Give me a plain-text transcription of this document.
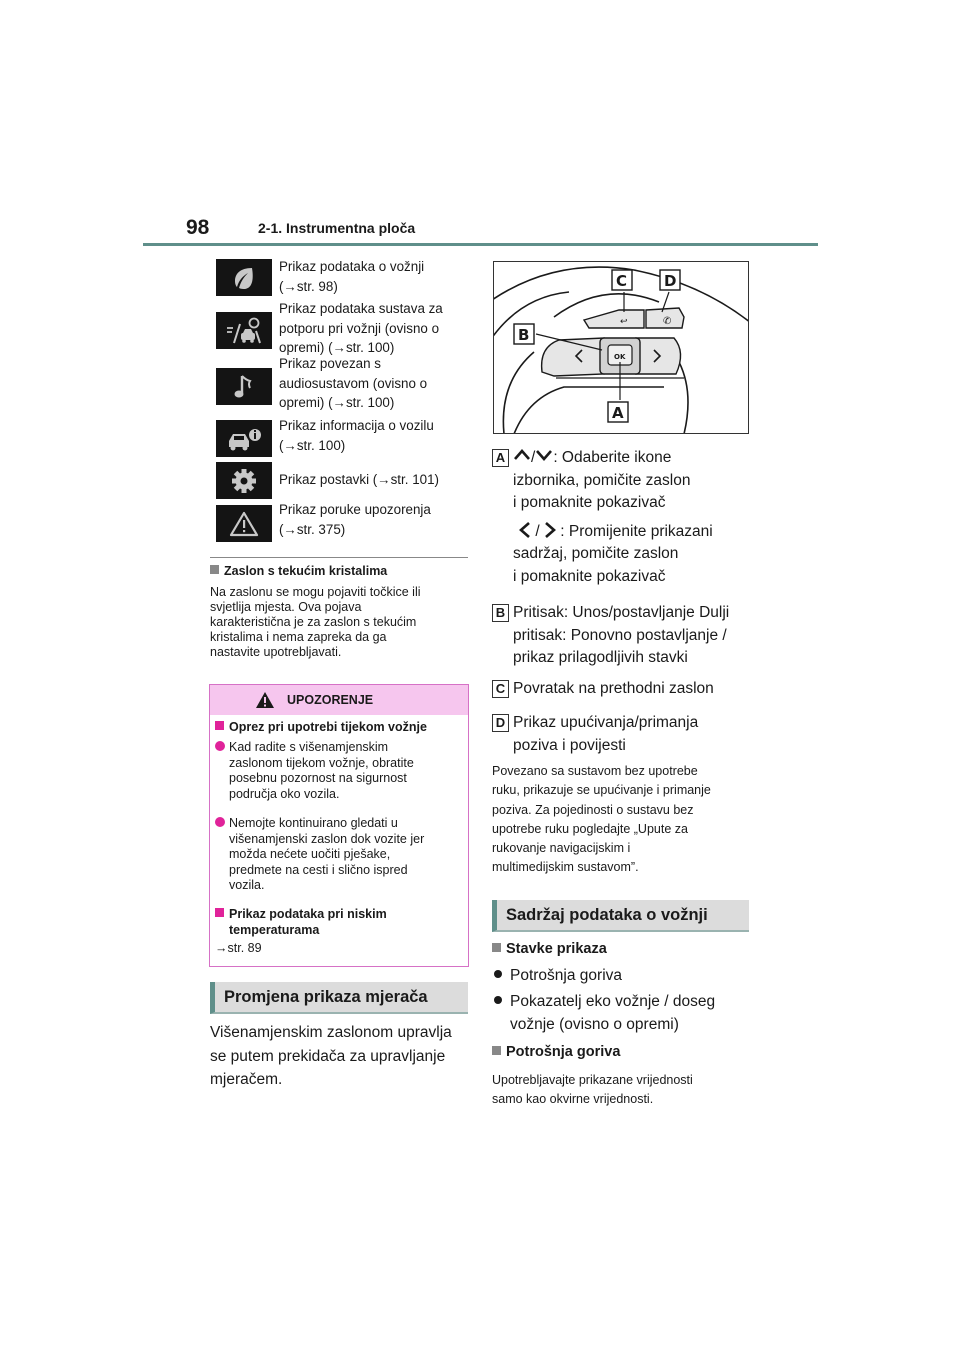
98	2-1. Instrumentna ploča
Prikaz podataka o vožnji
(→str. 98)
Prikaz podataka sustava za
potporu pri vožnji (ovisno o
opremi) (→str. 100)
Prikaz povezan s
audiosustavom (ovisno o
opremi) (→str. 100)
Prikaz informacija o vozilu
(→str. 100)
Prikaz postavki (→str. 101)
Prikaz poruke upozorenja
(→str. 375)
Zaslon s tekućim kristalima
Na zaslonu se mogu pojaviti točkice ili
svjetlija mjesta. Ova pojava
karakteristična je za zaslon s tekućim
kristalima i nema zapreka da ga
nastavite upotrebljavati.
UPOZORENJE
Oprez pri upotrebi tijekom vožnje
Kad radite s višenamjenskim
zaslonom tijekom vožnje, obratite
posebnu pozornost na sigurnost
područja oko vozila.
Nemojte kontinuirano gledati u
višenamjenski zaslon dok vozite jer
možda nećete uočiti pješake,
predmete na cesti i slično ispred
vozila.
Prikaz podataka pri niskim
temperaturama
→str. 89
Promjena prikaza mjerača
Višenamjenskim zaslonom upravlja
se putem prekidača za upravljanje
mjeračem.
↩	✆
OK
C D
B
A
A	/ : Odaberite ikone
izbornika, pomičite zaslon
i pomaknite pokazivač
/ : Promijenite prikazani
sadržaj, pomičite zaslon
i pomaknite pokazivač
B Pritisak: Unos/postavljanje Dulji
pritisak: Ponovno postavljanje /
prikaz prilagodljivih stavki
C Povratak na prethodni zaslon
D Prikaz upućivanja/primanja
poziva i povijesti
Povezano sa sustavom bez upotrebe
ruku, prikazuje se upućivanje i primanje
poziva. Za pojedinosti o sustavu bez
upotrebe ruku pogledajte „Upute za
rukovanje navigacijskim i
multimedijskim sustavom”.
Sadržaj podataka o vožnji
Stavke prikaza
Potrošnja goriva
Pokazatelj eko vožnje / doseg
vožnje (ovisno o opremi)
Potrošnja goriva
Upotrebljavajte prikazane vrijednosti
samo kao okvirne vrijednosti.
